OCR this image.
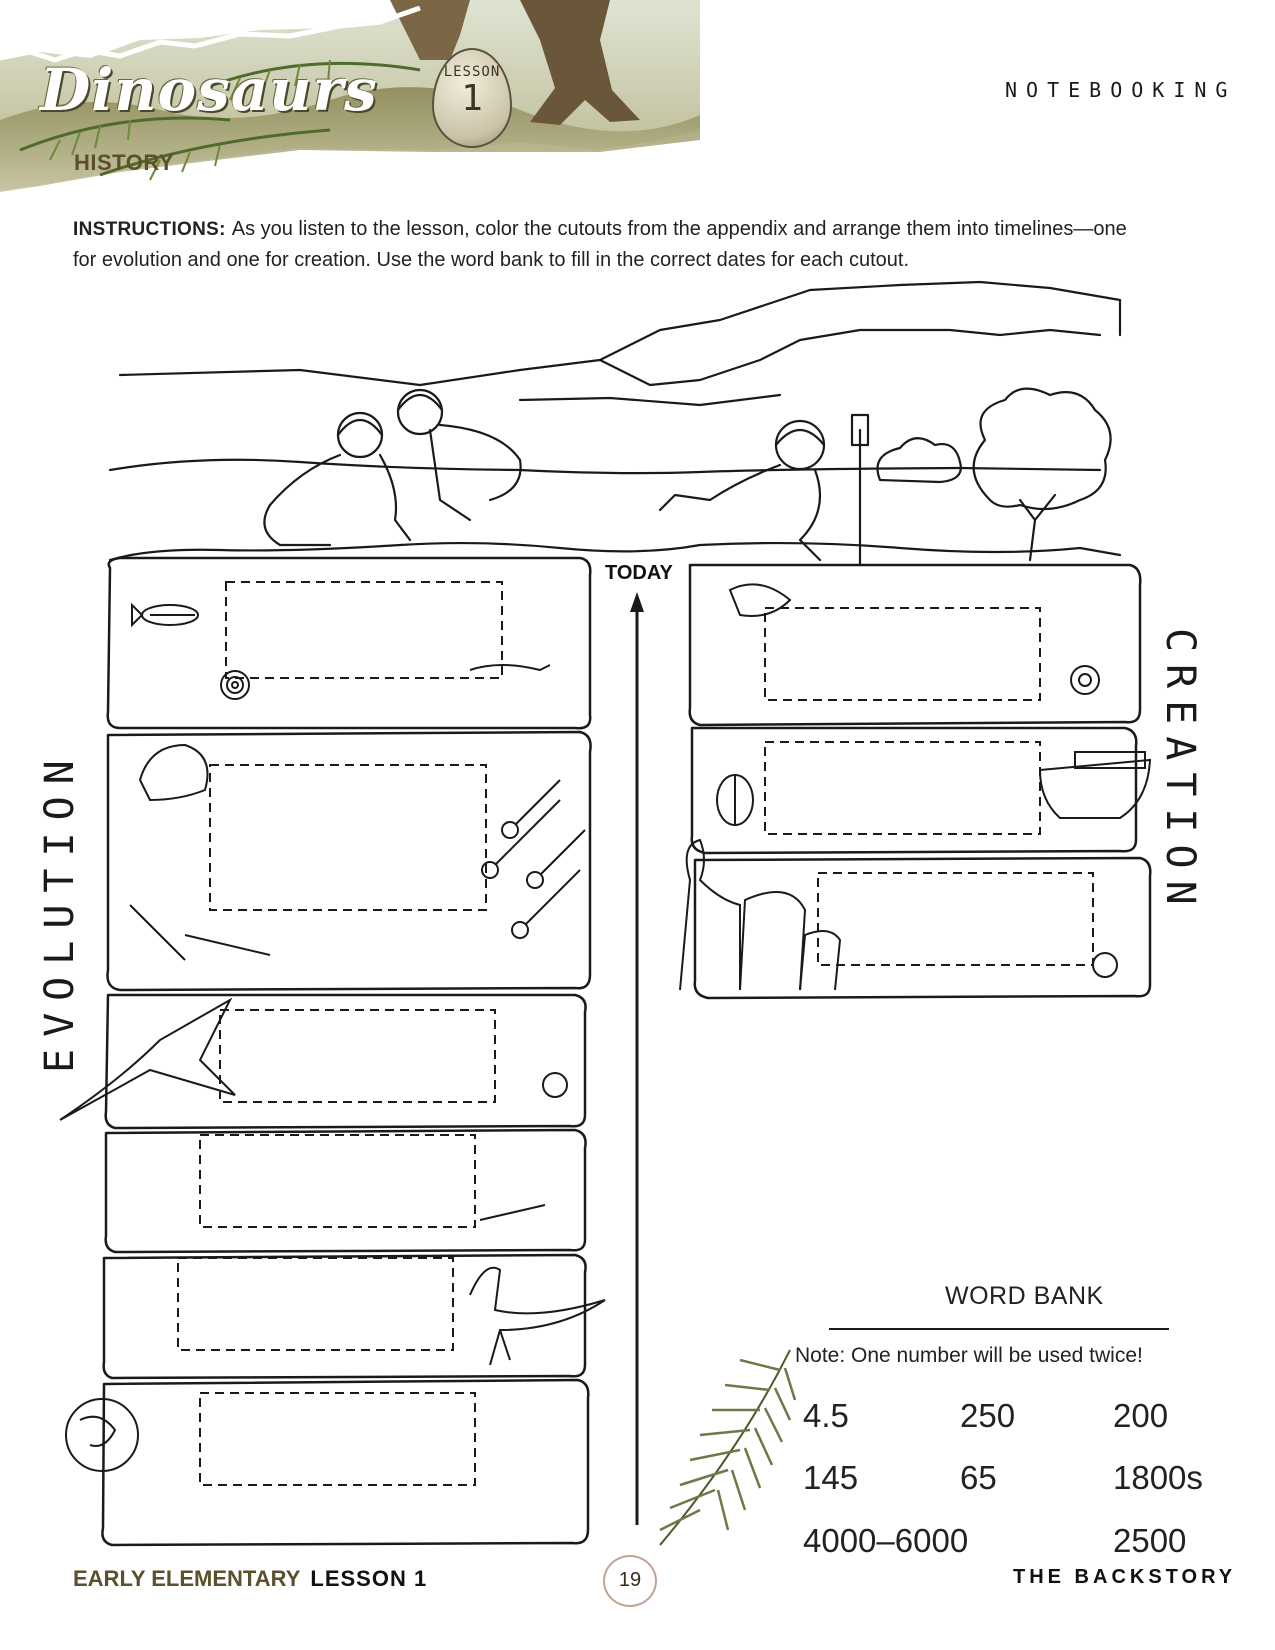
Dinosaurs	LESSON
1
HISTORY
NOTEBOOKING
INSTRUCTIONS: As you listen to the lesson, color the cutouts from the appendix and arrange them into timelines—one for evolution and one for creation. Use the word bank to fill in the correct dates for each cutout.
EVOLUTION	CREATION
TODAY
WORD BANK
Note: One number will be used twice!
4.5	250	200
145	65	1800s
4000–6000	2500
EARLY ELEMENTARY LESSON 1	19	THE BACKSTORY
